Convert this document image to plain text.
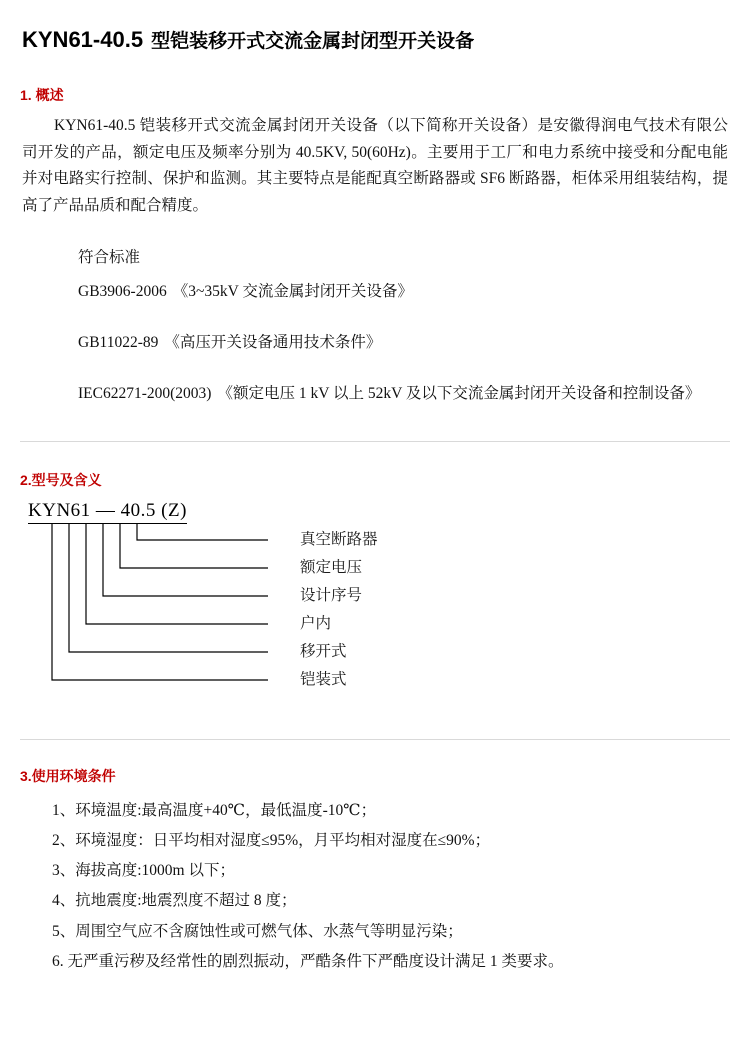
KYN61-40.5 型铠装移开式交流金属封闭型开关设备
1. 概述
KYN61-40.5 铠装移开式交流金属封闭开关设备（以下简称开关设备）是安徽得润电气技术有限公司开发的产品，额定电压及频率分别为 40.5KV, 50(60Hz)。主要用于工厂和电力系统中接受和分配电能并对电路实行控制、保护和监测。其主要特点是能配真空断路器或 SF6 断路器，柜体采用组装结构，提高了产品品质和配合精度。
符合标准
GB3906-2006 《3~35kV 交流金属封闭开关设备》
GB11022-89 《高压开关设备通用技术条件》
IEC62271-200(2003) 《额定电压 1 kV 以上 52kV 及以下交流金属封闭开关设备和控制设备》
2.型号及含义
KYN61 — 40.5 (Z)
真空断路器
额定电压
设计序号
户内
移开式
铠装式
3.使用环境条件
1、环境温度:最高温度+40℃，最低温度-10℃；
2、环境湿度：日平均相对湿度≤95%，月平均相对湿度在≤90%；
3、海拔高度:1000m 以下；
4、抗地震度:地震烈度不超过 8 度；
5、周围空气应不含腐蚀性或可燃气体、水蒸气等明显污染；
6. 无严重污秽及经常性的剧烈振动，严酷条件下严酷度设计满足 1 类要求。
